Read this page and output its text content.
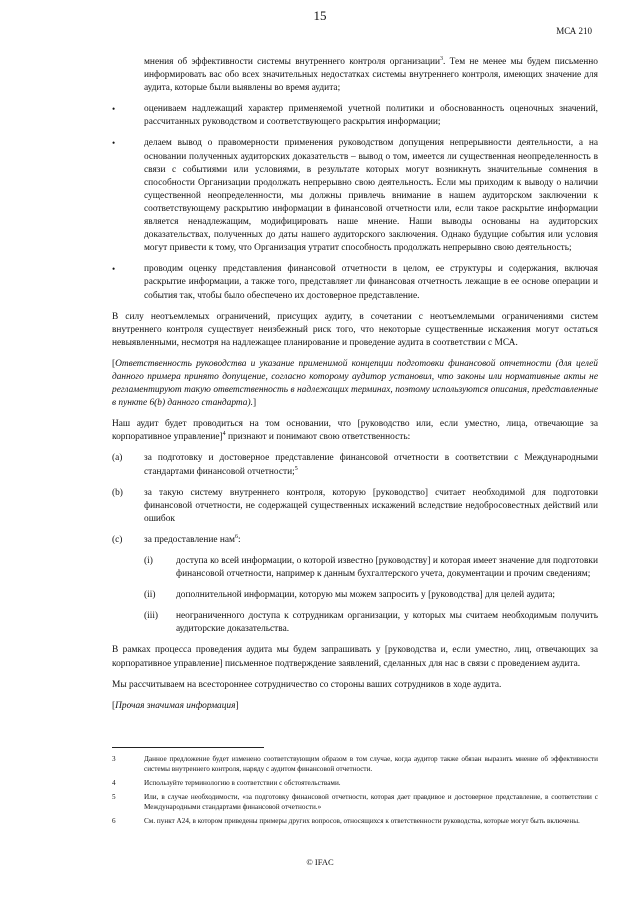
15
МСА 210

мнения об эффективности системы внутреннего контроля организации$^3$. Тем не менее мы будем письменно информировать вас обо всех значительных недостатках системы внутреннего контроля, имеющих значение для аудита, которые были выявлены во время аудита;

•	оцениваем надлежащий характер применяемой учетной политики и обоснованность оценочных значений, рассчитанных руководством и соответствующего раскрытия информации;

•	делаем вывод о правомерности применения руководством допущения непрерывности деятельности, а на основании полученных аудиторских доказательств – вывод о том, имеется ли существенная неопределенность в связи с событиями или условиями, в результате которых могут возникнуть значительные сомнения в способности Организации продолжать непрерывно свою деятельность. Если мы приходим к выводу о наличии существенной неопределенности, мы должны привлечь внимание в нашем аудиторском заключении к соответствующему раскрытию информации в финансовой отчетности или, если такое раскрытие информации является ненадлежащим, модифицировать наше мнение. Наши выводы основаны на аудиторских доказательствах, полученных до даты нашего аудиторского заключения. Однако будущие события или условия могут привести к тому, что Организация утратит способность продолжать непрерывно свою деятельность;

•	проводим оценку представления финансовой отчетности в целом, ее структуры и содержания, включая раскрытие информации, а также того, представляет ли финансовая отчетность лежащие в ее основе операции и события так, чтобы было обеспечено их достоверное представление.

В силу неотъемлемых ограничений, присущих аудиту, в сочетании с неотъемлемыми ограничениями систем внутреннего контроля существует неизбежный риск того, что некоторые существенные искажения могут остаться невыявленными, несмотря на надлежащее планирование и проведение аудита в соответствии с МСА.

[Ответственность руководства и указание применимой концепции подготовки финансовой отчетности (для целей данного примера принято допущение, согласно которому аудитор установил, что законы или нормативные акты не регламентируют такую ответственность в надлежащих терминах, поэтому используются описания, представленные в пункте 6(b) данного стандарта).]

Наш аудит будет проводиться на том основании, что [руководство или, если уместно, лица, отвечающие за корпоративное управление]$^4$ признают и понимают свою ответственность:

(a) за подготовку и достоверное представление финансовой отчетности в соответствии с Международными стандартами финансовой отчетности;$^5$

(b) за такую систему внутреннего контроля, которую [руководство] считает необходимой для подготовки финансовой отчетности, не содержащей существенных искажений вследствие недобросовестных действий или ошибок

(c) за предоставление нам$^6$:

(i) доступа ко всей информации, о которой известно [руководству] и которая имеет значение для подготовки финансовой отчетности, например к данным бухгалтерского учета, документации и прочим сведениям;

(ii) дополнительной информации, которую мы можем запросить у [руководства] для целей аудита;

(iii) неограниченного доступа к сотрудникам организации, у которых мы считаем необходимым получить аудиторские доказательства.

В рамках процесса проведения аудита мы будем запрашивать у [руководства и, если уместно, лиц, отвечающих за корпоративное управление] письменное подтверждение заявлений, сделанных для нас в связи с проведением аудита.

Мы рассчитываем на всестороннее сотрудничество со стороны ваших сотрудников в ходе аудита.

[Прочая значимая информация]

3	Данное предложение будет изменено соответствующим образом в том случае, когда аудитор также обязан выразить мнение об эффективности системы внутреннего контроля, наряду с аудитом финансовой отчетности.
4	Используйте терминологию в соответствии с обстоятельствами.
5	Или, в случае необходимости, «за подготовку финансовой отчетности, которая дает правдивое и достоверное представление, в соответствии с Международными стандартами финансовой отчетности.»
6	См. пункт A24, в котором приведены примеры других вопросов, относящихся к ответственности руководства, которые могут быть включены.
© IFAC
